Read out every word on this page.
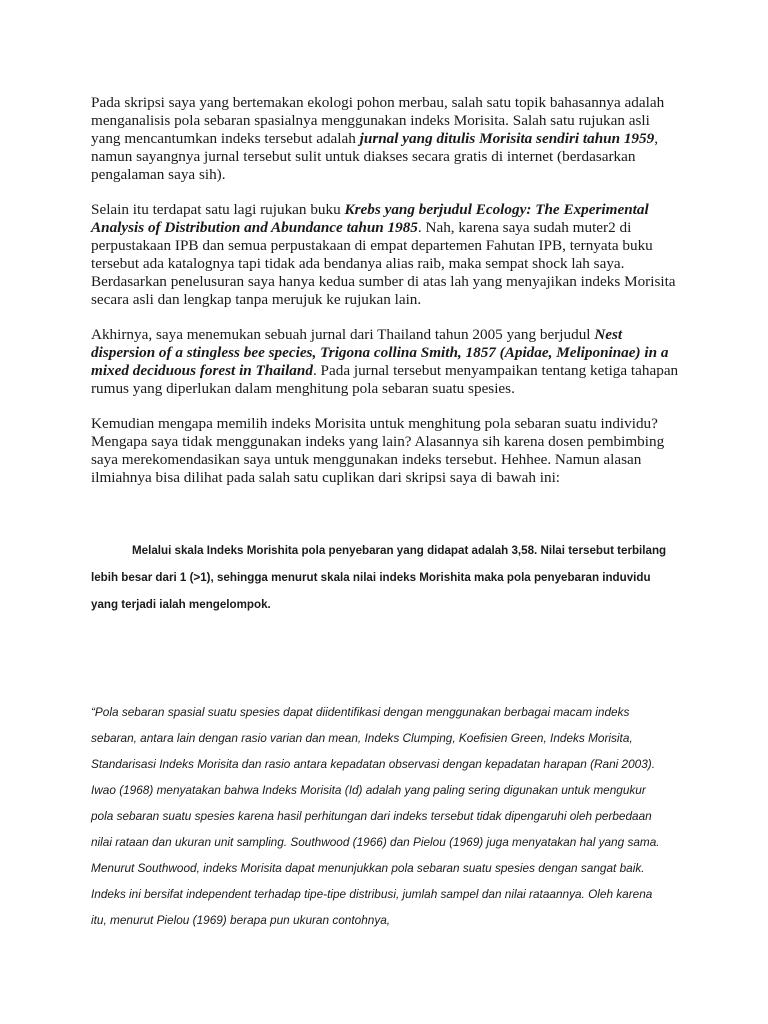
Pada skripsi saya yang bertemakan ekologi pohon merbau, salah satu topik bahasannya adalah menganalisis pola sebaran spasialnya menggunakan indeks Morisita. Salah satu rujukan asli yang mencantumkan indeks tersebut adalah jurnal yang ditulis Morisita sendiri tahun 1959, namun sayangnya jurnal tersebut sulit untuk diakses secara gratis di internet (berdasarkan pengalaman saya sih).

Selain itu terdapat satu lagi rujukan buku Krebs yang berjudul Ecology: The Experimental Analysis of Distribution and Abundance tahun 1985. Nah, karena saya sudah muter2 di perpustakaan IPB dan semua perpustakaan di empat departemen Fahutan IPB, ternyata buku tersebut ada katalognya tapi tidak ada bendanya alias raib, maka sempat shock lah saya. Berdasarkan penelusuran saya hanya kedua sumber di atas lah yang menyajikan indeks Morisita secara asli dan lengkap tanpa merujuk ke rujukan lain.

Akhirnya, saya menemukan sebuah jurnal dari Thailand tahun 2005 yang berjudul Nest dispersion of a stingless bee species, Trigona collina Smith, 1857 (Apidae, Meliponinae) in a mixed deciduous forest in Thailand. Pada jurnal tersebut menyampaikan tentang ketiga tahapan rumus yang diperlukan dalam menghitung pola sebaran suatu spesies.

Kemudian mengapa memilih indeks Morisita untuk menghitung pola sebaran suatu individu? Mengapa saya tidak menggunakan indeks yang lain? Alasannya sih karena dosen pembimbing saya merekomendasikan saya untuk menggunakan indeks tersebut. Hehhee. Namun alasan ilmiahnya bisa dilihat pada salah satu cuplikan dari skripsi saya di bawah ini:

Melalui skala Indeks Morishita pola penyebaran yang didapat adalah 3,58. Nilai tersebut terbilang lebih besar dari 1 (>1), sehingga menurut skala nilai indeks Morishita maka pola penyebaran induvidu yang terjadi ialah mengelompok.

“Pola sebaran spasial suatu spesies dapat diidentifikasi dengan menggunakan berbagai macam indeks sebaran, antara lain dengan rasio varian dan mean, Indeks Clumping, Koefisien Green, Indeks Morisita, Standarisasi Indeks Morisita dan rasio antara kepadatan observasi dengan kepadatan harapan (Rani 2003). Iwao (1968) menyatakan bahwa Indeks Morisita (Id) adalah yang paling sering digunakan untuk mengukur pola sebaran suatu spesies karena hasil perhitungan dari indeks tersebut tidak dipengaruhi oleh perbedaan nilai rataan dan ukuran unit sampling. Southwood (1966) dan Pielou (1969) juga menyatakan hal yang sama. Menurut Southwood, indeks Morisita dapat menunjukkan pola sebaran suatu spesies dengan sangat baik. Indeks ini bersifat independent terhadap tipe-tipe distribusi, jumlah sampel dan nilai rataannya. Oleh karena itu, menurut Pielou (1969) berapa pun ukuran contohnya,
